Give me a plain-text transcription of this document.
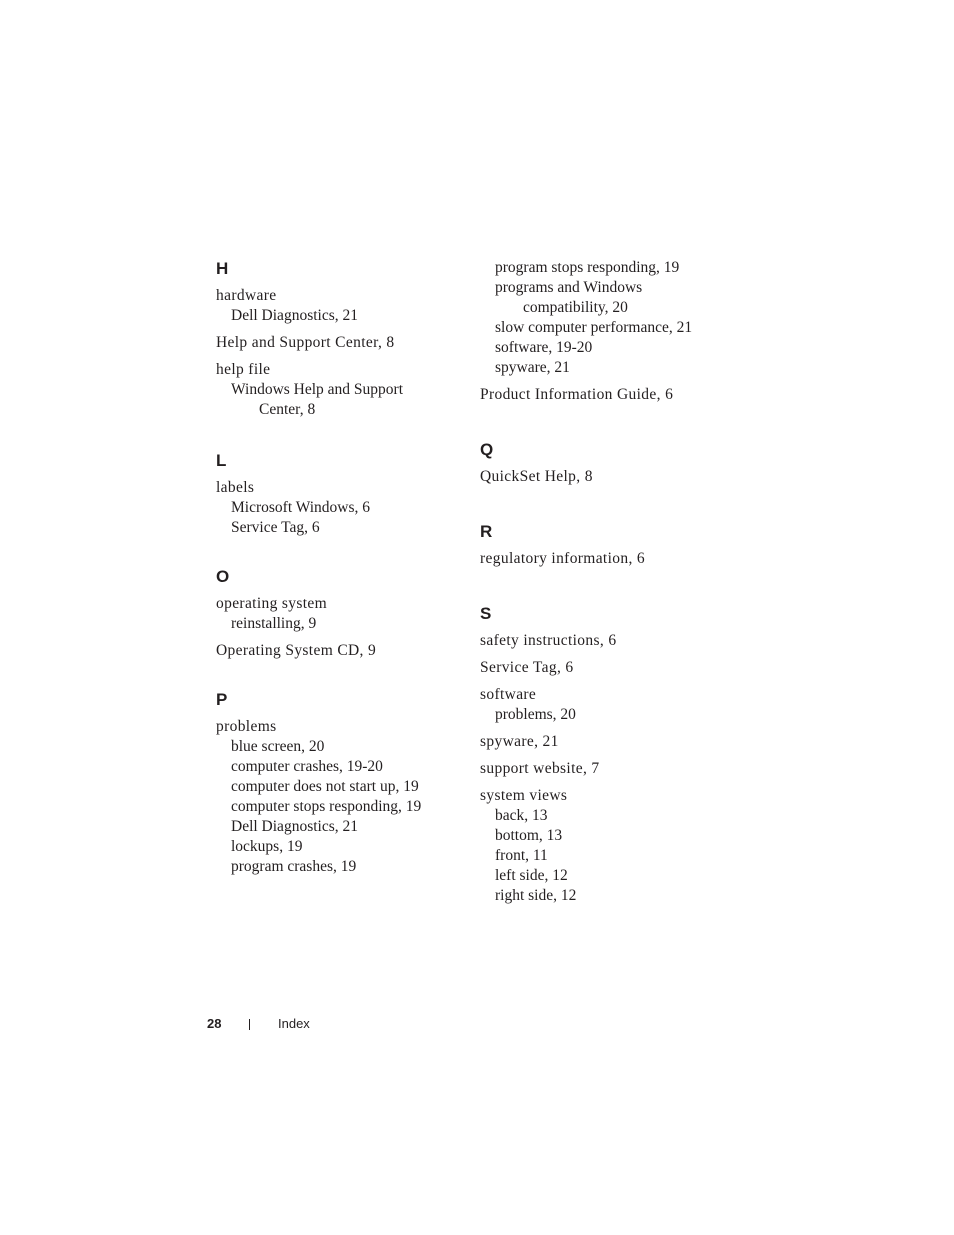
H
hardware
Dell Diagnostics, 21
Help and Support Center, 8
help file
Windows Help and Support
Center, 8
L
labels
Microsoft Windows, 6
Service Tag, 6
O
operating system
reinstalling, 9
Operating System CD, 9
P
problems
blue screen, 20
computer crashes, 19-20
computer does not start up, 19
computer stops responding, 19
Dell Diagnostics, 21
lockups, 19
program crashes, 19
program stops responding, 19
programs and Windows
compatibility, 20
slow computer performance, 21
software, 19-20
spyware, 21
Product Information Guide, 6
Q
QuickSet Help, 8
R
regulatory information, 6
S
safety instructions, 6
Service Tag, 6
software
problems, 20
spyware, 21
support website, 7
system views
back, 13
bottom, 13
front, 11
left side, 12
right side, 12
28	Index
